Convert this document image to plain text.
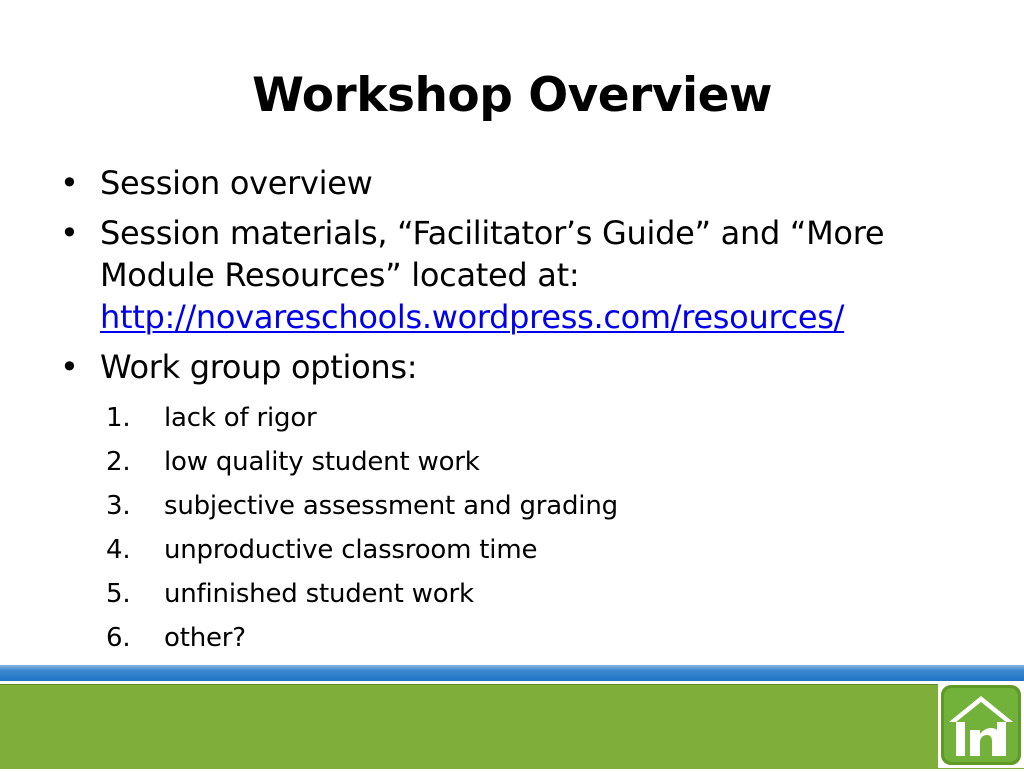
Workshop Overview
• Session overview
• Session materials, “Facilitator’s Guide” and “More
Module Resources” located at:
http://novareschools.wordpress.com/resources/
• Work group options:
1. lack of rigor
2. low quality student work
3. subjective assessment and grading
4. unproductive classroom time
5. unfinished student work
6. other?
